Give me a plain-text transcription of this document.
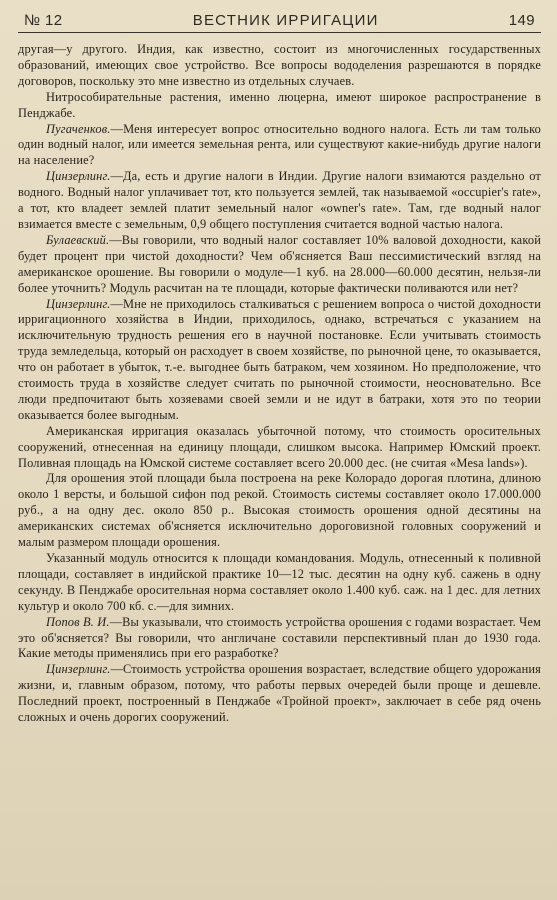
№ 12	ВЕСТНИК ИРРИГАЦИИ	149

другая—у другого. Индия, как известно, состоит из многочисленных государственных образований, имеющих свое устройство. Все вопросы вододеления разрешаются в порядке договоров, поскольку это мне известно из отдельных случаев.

Нитрособирательные растения, именно люцерна, имеют широкое распространение в Пенджабе.

Пугаченков.—Меня интересует вопрос относительно водного налога. Есть ли там только один водный налог, или имеется земельная рента, или существуют какие-нибудь другие налоги на население?

Цинзерлинг.—Да, есть и другие налоги в Индии. Другие налоги взимаются раздельно от водного. Водный налог уплачивает тот, кто пользуется землей, так называемой «occupier's rate», а тот, кто владеет землей платит земельный налог «owner's rate». Там, где водный налог взимается вместе с земельным, 0,9 общего поступления считается водной частью налога.

Булаевский.—Вы говорили, что водный налог составляет 10% валовой доходности, какой будет процент при чистой доходности? Чем об'ясняется Ваш пессимистический взгляд на американское орошение. Вы говорили о модуле—1 куб. на 28.000—60.000 десятин, нельзя-ли более уточнить? Модуль расчитан на те площади, которые фактически поливаются или нет?

Цинзерлинг.—Мне не приходилось сталкиваться с решением вопроса о чистой доходности ирригационного хозяйства в Индии, приходилось, однако, встречаться с указанием на исключительную трудность решения его в научной постановке. Если учитывать стоимость труда земледельца, который он расходует в своем хозяйстве, по рыночной цене, то оказывается, что он работает в убыток, т.-е. выгоднее быть батраком, чем хозяином. Но предположение, что стоимость труда в хозяйстве следует считать по рыночной стоимости, неосновательно. Все люди предпочитают быть хозяевами своей земли и не идут в батраки, хотя это по теории оказывается более выгодным.

Американская ирригация оказалась убыточной потому, что стоимость оросительных сооружений, отнесенная на единицу площади, слишком высока. Например Юмский проект. Поливная площадь на Юмской системе составляет всего 20.000 дес. (не считая «Mesa lands»).

Для орошения этой площади была построена на реке Колорадо дорогая плотина, длиною около 1 версты, и большой сифон под рекой. Стоимость системы составляет около 17.000.000 руб., а на одну дес. около 850 р.. Высокая стоимость орошения одной десятины на американских системах об'ясняется исключительно дороговизной головных сооружений и малым размером площади орошения.

Указанный модуль относится к площади командования. Модуль, отнесенный к поливной площади, составляет в индийской практике 10—12 тыс. десятин на одну куб. сажень в одну секунду. В Пенджабе оросительная норма составляет около 1.400 куб. саж. на 1 дес. для летних культур и около 700 кб. с.—для зимних.

Попов В. И.—Вы указывали, что стоимость устройства орошения с годами возрастает. Чем это об'ясняется? Вы говорили, что англичане составили перспективный план до 1930 года. Какие методы применялись при его разработке?

Цинзерлинг.—Стоимость устройства орошения возрастает, вследствие общего удорожания жизни, и, главным образом, потому, что работы первых очередей были проще и дешевле. Последний проект, построенный в Пенджабе «Тройной проект», заключает в себе ряд очень сложных и очень дорогих сооружений.
